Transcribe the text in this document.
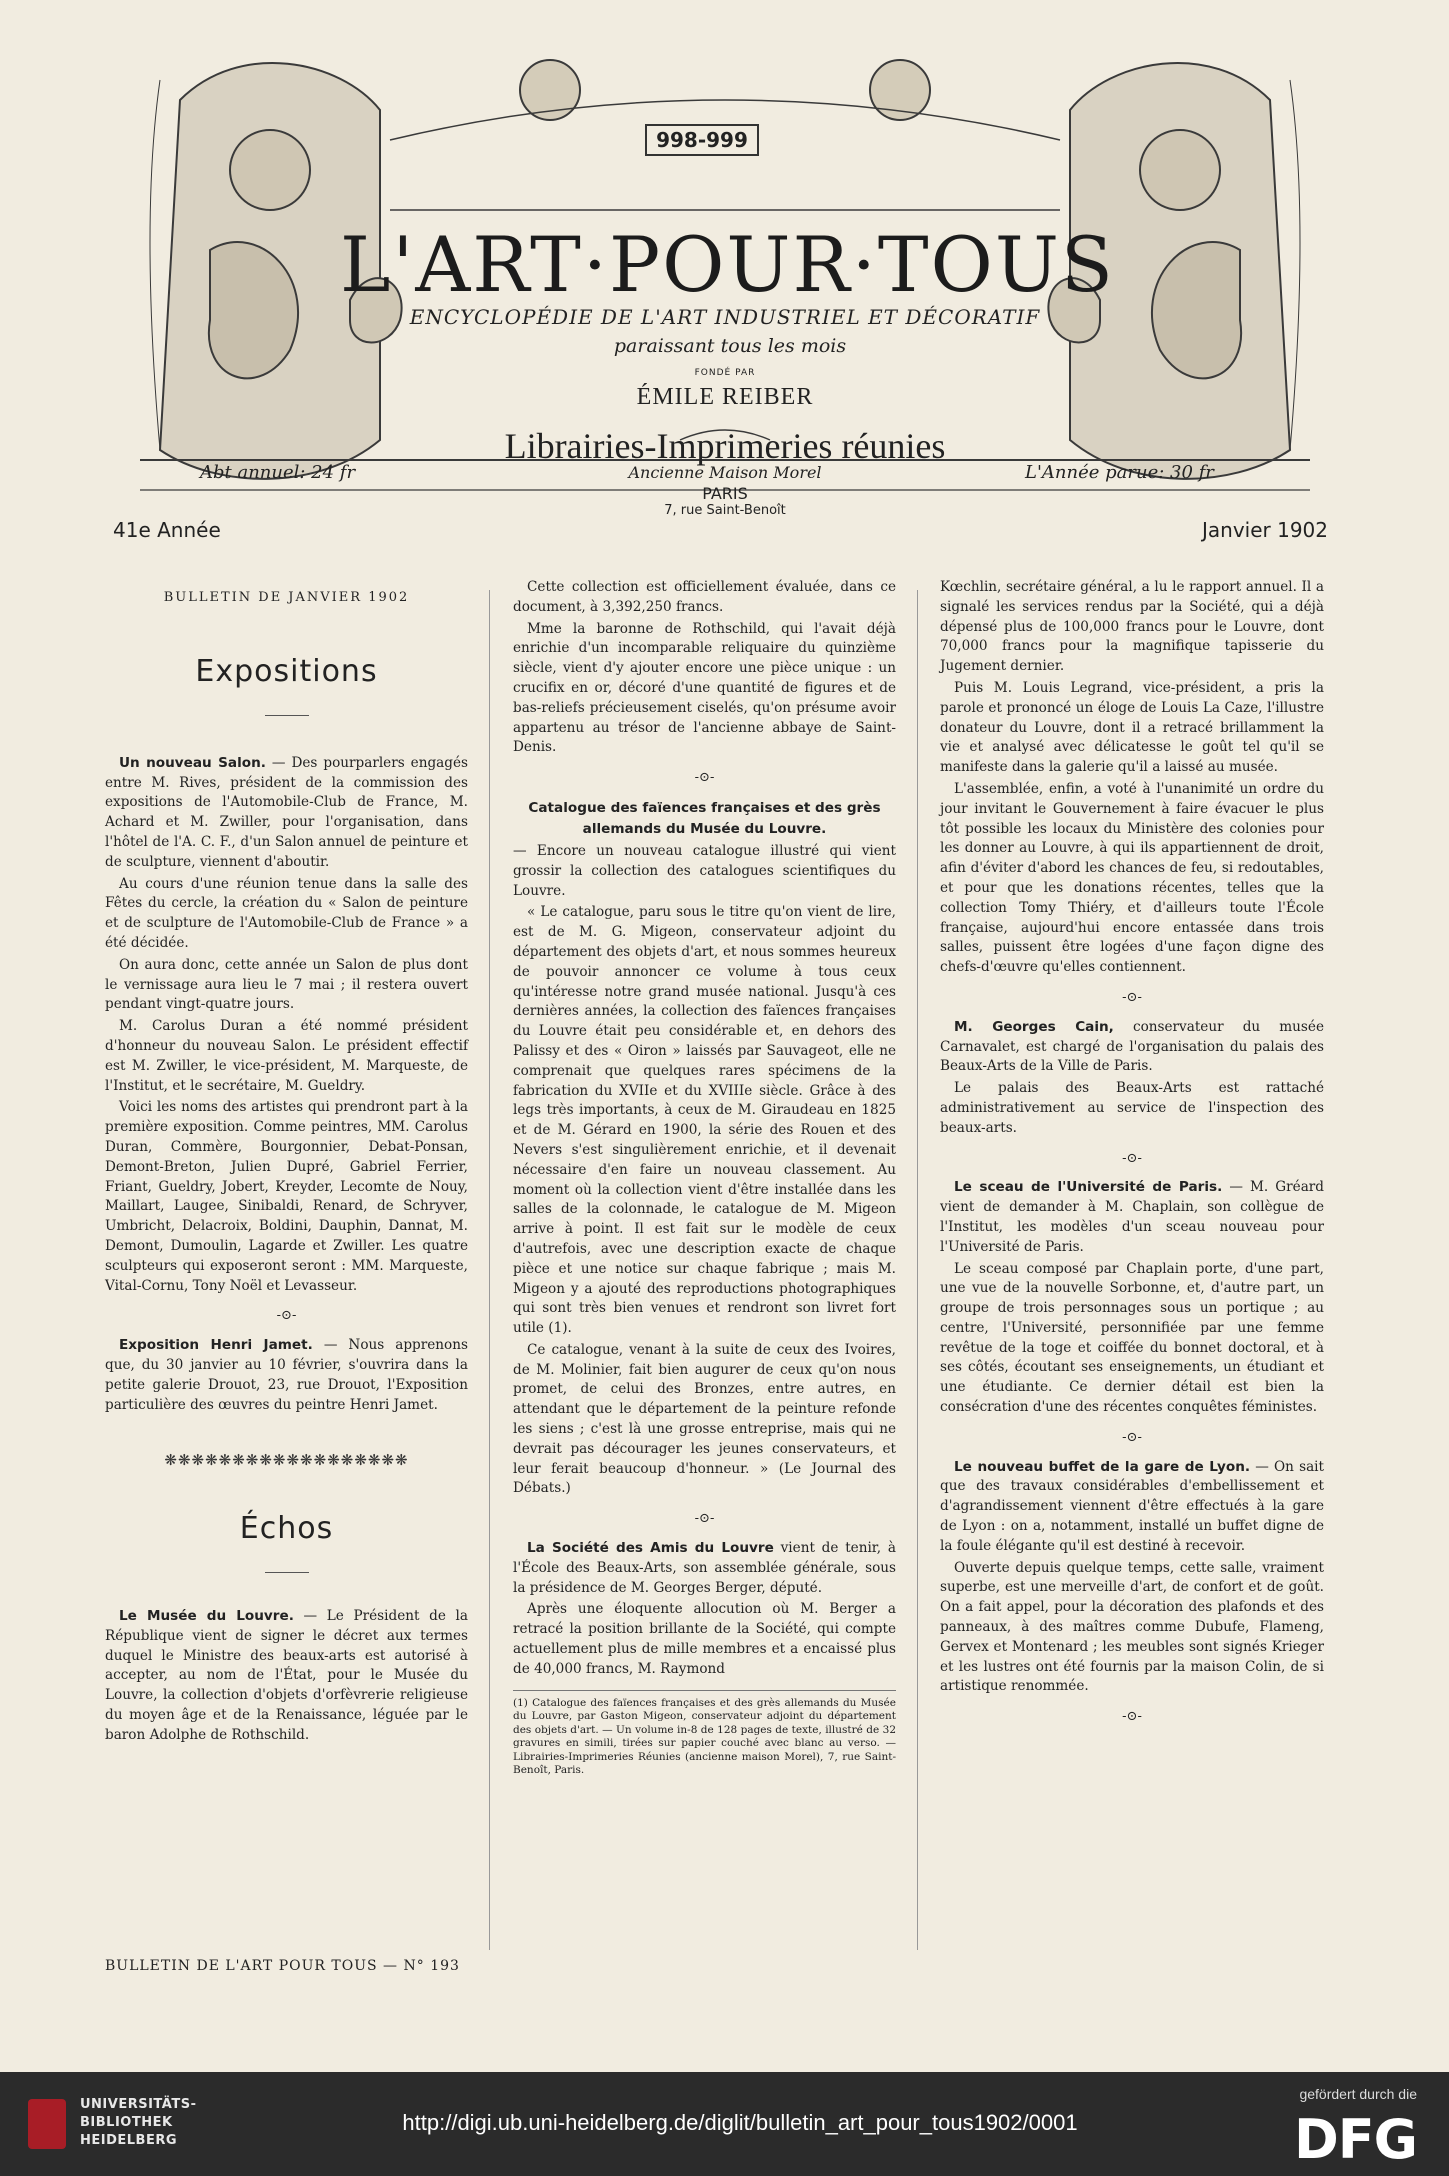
998-999
L'ART·POUR·TOUS
ENCYCLOPÉDIE DE L'ART INDUSTRIEL ET DÉCORATIF
paraissant tous les mois
FONDÉ PAR
ÉMILE REIBER
Librairies-Imprimeries réunies
Abt annuel: 24 fr	Ancienne Maison Morel	L'Année parue: 30 fr
PARIS
7, rue Saint-Benoît
41e Année	Janvier 1902
BULLETIN DE JANVIER 1902
Expositions

Un nouveau Salon. — Des pourparlers engagés entre M. Rives, président de la commission des expositions de l'Automobile-Club de France, M. Achard et M. Zwiller, pour l'organisation, dans l'hôtel de l'A. C. F., d'un Salon annuel de peinture et de sculpture, viennent d'aboutir.

Au cours d'une réunion tenue dans la salle des Fêtes du cercle, la création du « Salon de peinture et de sculpture de l'Automobile-Club de France » a été décidée.

On aura donc, cette année un Salon de plus dont le vernissage aura lieu le 7 mai ; il restera ouvert pendant vingt-quatre jours.

M. Carolus Duran a été nommé président d'honneur du nouveau Salon. Le président effectif est M. Zwiller, le vice-président, M. Marqueste, de l'Institut, et le secrétaire, M. Gueldry.

Voici les noms des artistes qui prendront part à la première exposition. Comme peintres, MM. Carolus Duran, Commère, Bourgonnier, Debat-Ponsan, Demont-Breton, Julien Dupré, Gabriel Ferrier, Friant, Gueldry, Jobert, Kreyder, Lecomte de Nouy, Maillart, Laugee, Sinibaldi, Renard, de Schryver, Umbricht, Delacroix, Boldini, Dauphin, Dannat, M. Demont, Dumoulin, Lagarde et Zwiller. Les quatre sculpteurs qui exposeront seront : MM. Marqueste, Vital-Cornu, Tony Noël et Levasseur.

-⊙-

Exposition Henri Jamet. — Nous apprenons que, du 30 janvier au 10 février, s'ouvrira dans la petite galerie Drouot, 23, rue Drouot, l'Exposition particulière des œuvres du peintre Henri Jamet.

❋❋❋❋❋❋❋❋❋❋❋❋❋❋❋❋❋❋
Échos

Le Musée du Louvre. — Le Président de la République vient de signer le décret aux termes duquel le Ministre des beaux-arts est autorisé à accepter, au nom de l'État, pour le Musée du Louvre, la collection d'objets d'orfèvrerie religieuse du moyen âge et de la Renaissance, léguée par le baron Adolphe de Rothschild.

Cette collection est officiellement évaluée, dans ce document, à 3,392,250 francs.

Mme la baronne de Rothschild, qui l'avait déjà enrichie d'un incomparable reliquaire du quinzième siècle, vient d'y ajouter encore une pièce unique : un crucifix en or, décoré d'une quantité de figures et de bas-reliefs précieusement ciselés, qu'on présume avoir appartenu au trésor de l'ancienne abbaye de Saint-Denis.

-⊙-
Catalogue des faïences françaises et des grès allemands du Musée du Louvre.

— Encore un nouveau catalogue illustré qui vient grossir la collection des catalogues scientifiques du Louvre.

« Le catalogue, paru sous le titre qu'on vient de lire, est de M. G. Migeon, conservateur adjoint du département des objets d'art, et nous sommes heureux de pouvoir annoncer ce volume à tous ceux qu'intéresse notre grand musée national. Jusqu'à ces dernières années, la collection des faïences françaises du Louvre était peu considérable et, en dehors des Palissy et des « Oiron » laissés par Sauvageot, elle ne comprenait que quelques rares spécimens de la fabrication du XVIIe et du XVIIIe siècle. Grâce à des legs très importants, à ceux de M. Giraudeau en 1825 et de M. Gérard en 1900, la série des Rouen et des Nevers s'est singulièrement enrichie, et il devenait nécessaire d'en faire un nouveau classement. Au moment où la collection vient d'être installée dans les salles de la colonnade, le catalogue de M. Migeon arrive à point. Il est fait sur le modèle de ceux d'autrefois, avec une description exacte de chaque pièce et une notice sur chaque fabrique ; mais M. Migeon y a ajouté des reproductions photographiques qui sont très bien venues et rendront son livret fort utile (1).

Ce catalogue, venant à la suite de ceux des Ivoires, de M. Molinier, fait bien augurer de ceux qu'on nous promet, de celui des Bronzes, entre autres, en attendant que le département de la peinture refonde les siens ; c'est là une grosse entreprise, mais qui ne devrait pas décourager les jeunes conservateurs, et leur ferait beaucoup d'honneur. » (Le Journal des Débats.)

-⊙-

La Société des Amis du Louvre vient de tenir, à l'École des Beaux-Arts, son assemblée générale, sous la présidence de M. Georges Berger, député.

Après une éloquente allocution où M. Berger a retracé la position brillante de la Société, qui compte actuellement plus de mille membres et a encaissé plus de 40,000 francs, M. Raymond

(1) Catalogue des faïences françaises et des grès allemands du Musée du Louvre, par Gaston Migeon, conservateur adjoint du département des objets d'art. — Un volume in-8 de 128 pages de texte, illustré de 32 gravures en simili, tirées sur papier couché avec blanc au verso. — Librairies-Imprimeries Réunies (ancienne maison Morel), 7, rue Saint-Benoît, Paris.

Kœchlin, secrétaire général, a lu le rapport annuel. Il a signalé les services rendus par la Société, qui a déjà dépensé plus de 100,000 francs pour le Louvre, dont 70,000 francs pour la magnifique tapisserie du Jugement dernier.

Puis M. Louis Legrand, vice-président, a pris la parole et prononcé un éloge de Louis La Caze, l'illustre donateur du Louvre, dont il a retracé brillamment la vie et analysé avec délicatesse le goût tel qu'il se manifeste dans la galerie qu'il a laissé au musée.

L'assemblée, enfin, a voté à l'unanimité un ordre du jour invitant le Gouvernement à faire évacuer le plus tôt possible les locaux du Ministère des colonies pour les donner au Louvre, à qui ils appartiennent de droit, afin d'éviter d'abord les chances de feu, si redoutables, et pour que les donations récentes, telles que la collection Tomy Thiéry, et d'ailleurs toute l'École française, aujourd'hui encore entassée dans trois salles, puissent être logées d'une façon digne des chefs-d'œuvre qu'elles contiennent.

-⊙-

M. Georges Cain, conservateur du musée Carnavalet, est chargé de l'organisation du palais des Beaux-Arts de la Ville de Paris.

Le palais des Beaux-Arts est rattaché administrativement au service de l'inspection des beaux-arts.

-⊙-

Le sceau de l'Université de Paris. — M. Gréard vient de demander à M. Chaplain, son collègue de l'Institut, les modèles d'un sceau nouveau pour l'Université de Paris.

Le sceau composé par Chaplain porte, d'une part, une vue de la nouvelle Sorbonne, et, d'autre part, un groupe de trois personnages sous un portique ; au centre, l'Université, personnifiée par une femme revêtue de la toge et coiffée du bonnet doctoral, et à ses côtés, écoutant ses enseignements, un étudiant et une étudiante. Ce dernier détail est bien la consécration d'une des récentes conquêtes féministes.

-⊙-

Le nouveau buffet de la gare de Lyon. — On sait que des travaux considérables d'embellissement et d'agrandissement viennent d'être effectués à la gare de Lyon : on a, notamment, installé un buffet digne de la foule élégante qu'il est destiné à recevoir.

Ouverte depuis quelque temps, cette salle, vraiment superbe, est une merveille d'art, de confort et de goût. On a fait appel, pour la décoration des plafonds et des panneaux, à des maîtres comme Dubufe, Flameng, Gervex et Montenard ; les meubles sont signés Krieger et les lustres ont été fournis par la maison Colin, de si artistique renommée.

-⊙-
BULLETIN DE L'ART POUR TOUS — N° 193
UNIVERSITÄTS-
BIBLIOTHEK
HEIDELBERG
http://digi.ub.uni-heidelberg.de/diglit/bulletin_art_pour_tous1902/0001
gefördert durch die
DFG
